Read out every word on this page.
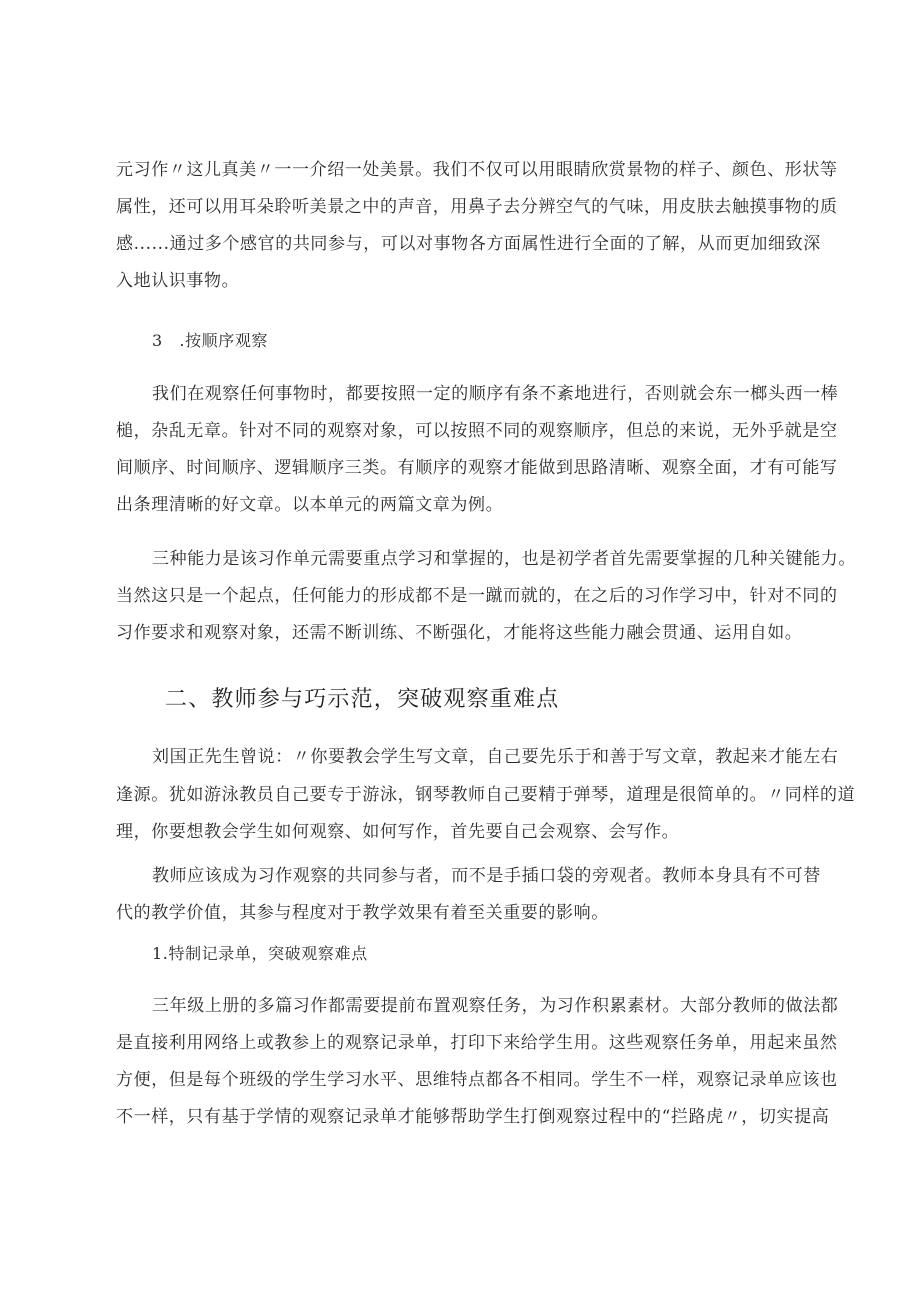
元习作〃这儿真美〃一一介绍一处美景。我们不仅可以用眼睛欣赏景物的样子、颜色、形状等
属性，还可以用耳朵聆听美景之中的声音，用鼻子去分辨空气的气味，用皮肤去触摸事物的质
感......通过多个感官的共同参与，可以对事物各方面属性进行全面的了解，从而更加细致深
入地认识事物。
3　.按顺序观察
我们在观察任何事物时，都要按照一定的顺序有条不紊地进行，否则就会东一榔头西一棒
槌，杂乱无章。针对不同的观察对象，可以按照不同的观察顺序，但总的来说，无外乎就是空
间顺序、时间顺序、逻辑顺序三类。有顺序的观察才能做到思路清晰、观察全面，才有可能写
出条理清晰的好文章。以本单元的两篇文章为例。
三种能力是该习作单元需要重点学习和掌握的，也是初学者首先需要掌握的几种关键能力。
当然这只是一个起点，任何能力的形成都不是一蹴而就的，在之后的习作学习中，针对不同的
习作要求和观察对象，还需不断训练、不断强化，才能将这些能力融会贯通、运用自如。
二、教师参与巧示范，突破观察重难点
刘国正先生曾说：〃你要教会学生写文章，自己要先乐于和善于写文章，教起来才能左右
逢源。犹如游泳教员自己要专于游泳，钢琴教师自己要精于弹琴，道理是很简单的。〃同样的道
理，你要想教会学生如何观察、如何写作，首先要自己会观察、会写作。
教师应该成为习作观察的共同参与者，而不是手插口袋的旁观者。教师本身具有不可替
代的教学价值，其参与程度对于教学效果有着至关重要的影响。
1.特制记录单，突破观察难点
三年级上册的多篇习作都需要提前布置观察任务，为习作积累素材。大部分教师的做法都
是直接利用网络上或教参上的观察记录单，打印下来给学生用。这些观察任务单，用起来虽然
方便，但是每个班级的学生学习水平、思维特点都各不相同。学生不一样，观察记录单应该也
不一样，只有基于学情的观察记录单才能够帮助学生打倒观察过程中的“拦路虎〃，切实提高
